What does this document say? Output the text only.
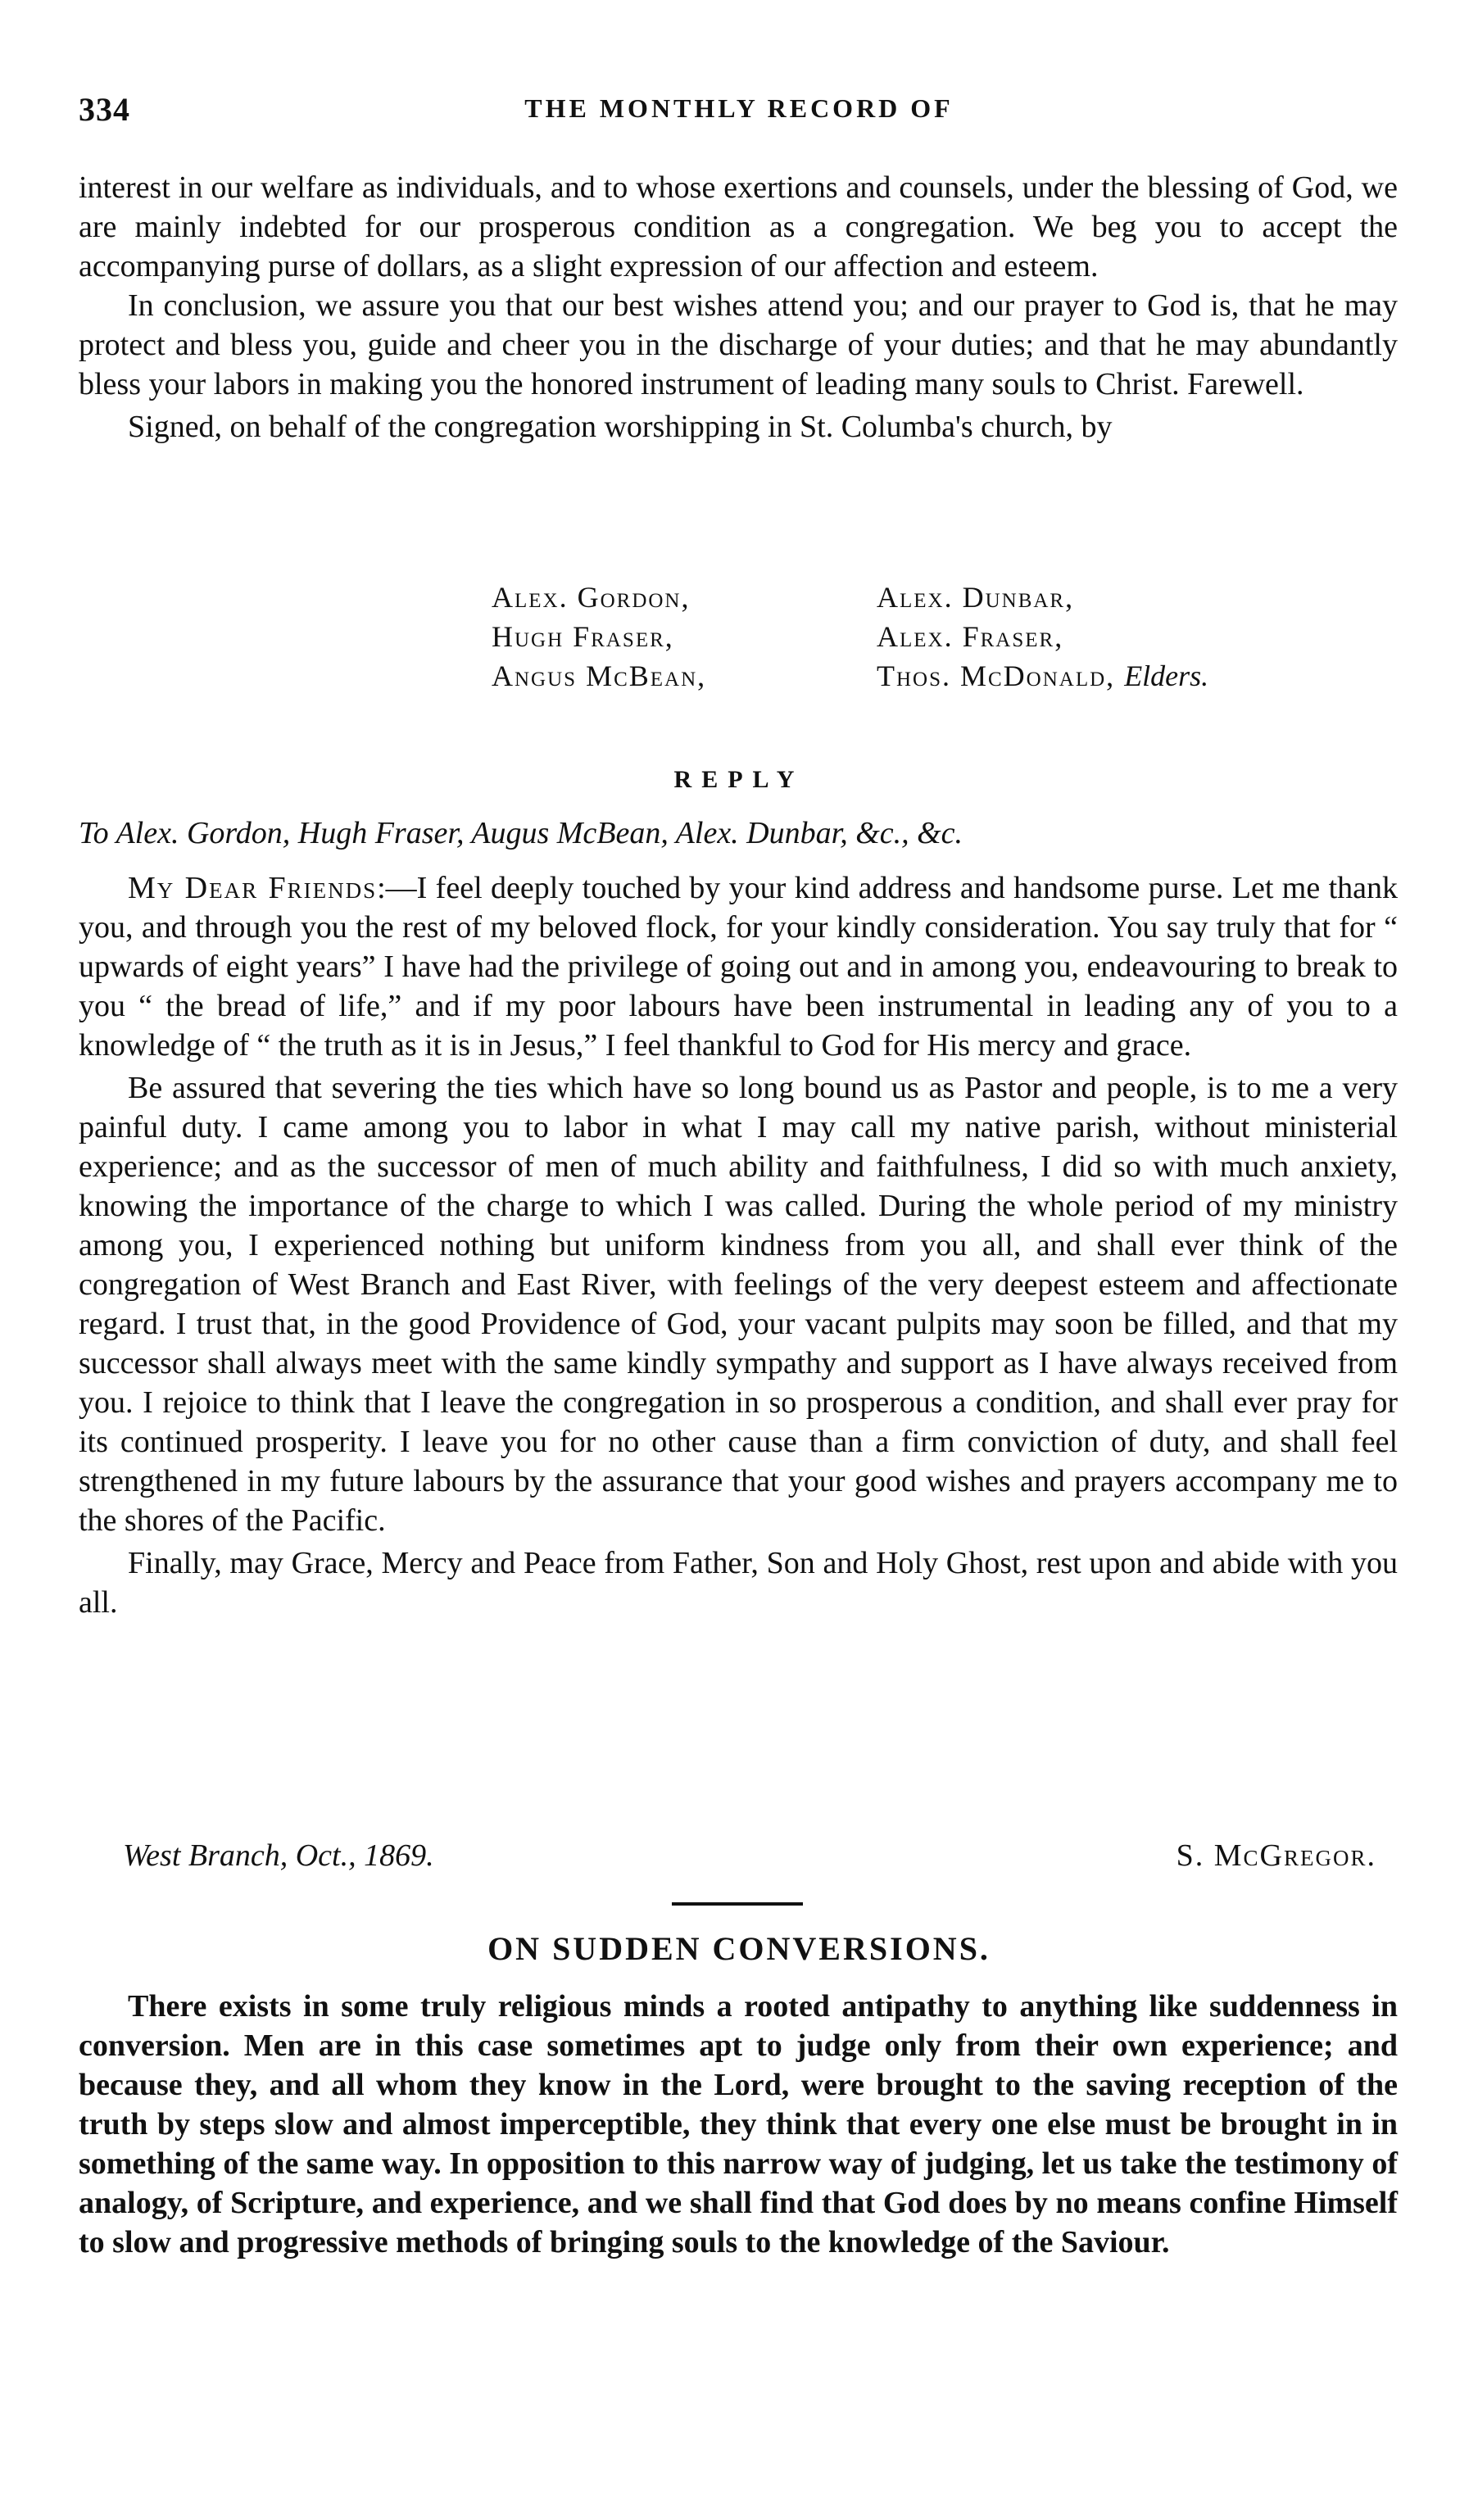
334	THE MONTHLY RECORD OF

interest in our welfare as individuals, and to whose exertions and counsels, under the blessing of God, we are mainly indebted for our prosperous condition as a congregation. We beg you to accept the accompanying purse of dollars, as a slight expression of our affection and esteem.

In conclusion, we assure you that our best wishes attend you; and our prayer to God is, that he may protect and bless you, guide and cheer you in the discharge of your duties; and that he may abundantly bless your labors in making you the honored instrument of leading many souls to Christ. Farewell.

Signed, on behalf of the congregation worshipping in St. Columba's church, by

Alex. Gordon,	Alex. Dunbar,
Hugh Fraser,	Alex. Fraser,
Angus McBean,	Thos. McDonald, Elders.
REPLY
To Alex. Gordon, Hugh Fraser, Augus McBean, Alex. Dunbar, &c., &c.

My Dear Friends:—I feel deeply touched by your kind address and handsome purse. Let me thank you, and through you the rest of my beloved flock, for your kindly consideration. You say truly that for “ upwards of eight years” I have had the privilege of going out and in among you, endeavouring to break to you “ the bread of life,” and if my poor labours have been instrumental in leading any of you to a knowledge of “ the truth as it is in Jesus,” I feel thankful to God for His mercy and grace.

Be assured that severing the ties which have so long bound us as Pastor and people, is to me a very painful duty. I came among you to labor in what I may call my native parish, without ministerial experience; and as the successor of men of much ability and faithfulness, I did so with much anxiety, knowing the importance of the charge to which I was called. During the whole period of my ministry among you, I experienced nothing but uniform kindness from you all, and shall ever think of the congregation of West Branch and East River, with feelings of the very deepest esteem and affectionate regard. I trust that, in the good Providence of God, your vacant pulpits may soon be filled, and that my successor shall always meet with the same kindly sympathy and support as I have always received from you. I rejoice to think that I leave the congregation in so prosperous a condition, and shall ever pray for its continued prosperity. I leave you for no other cause than a firm conviction of duty, and shall feel strengthened in my future labours by the assurance that your good wishes and prayers accompany me to the shores of the Pacific.

Finally, may Grace, Mercy and Peace from Father, Son and Holy Ghost, rest upon and abide with you all.

West Branch, Oct., 1869.	S. McGregor.
ON SUDDEN CONVERSIONS.

There exists in some truly religious minds a rooted antipathy to anything like suddenness in conversion. Men are in this case sometimes apt to judge only from their own experience; and because they, and all whom they know in the Lord, were brought to the saving reception of the truth by steps slow and almost imperceptible, they think that every one else must be brought in in something of the same way. In opposition to this narrow way of judging, let us take the testimony of analogy, of Scripture, and experience, and we shall find that God does by no means confine Himself to slow and progressive methods of bringing souls to the knowledge of the Saviour.
